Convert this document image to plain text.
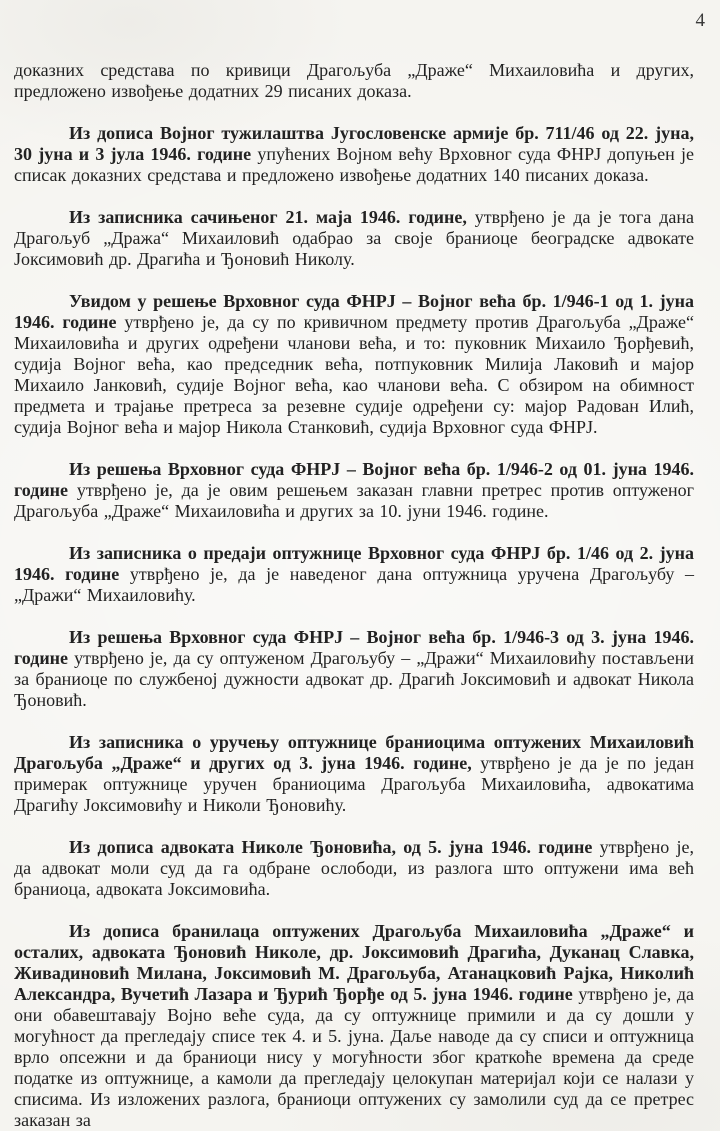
4

доказних средстава по кривици Драгољуба „Драже“ Михаиловића и других, предложено извођење додатних 29 писаних доказа.

Из дописа Војног тужилаштва Југословенске армије бр. 711/46 од 22. јуна, 30 јуна и 3 јула 1946. године упућених Војном већу Врховног суда ФНРЈ допуњен је списак доказних средстава и предложено извођење додатних 140 писаних доказа.

Из записника сачињеног 21. маја 1946. године, утврђено је да је тога дана Драгољуб „Дража“ Михаиловић одабрао за своје браниоце београдске адвокате Јоксимовић др. Драгића и Ђоновић Николу.

Увидом у решење Врховног суда ФНРЈ – Војног већа бр. 1/946-1 од 1. јуна 1946. године утврђено је, да су по кривичном предмету против Драгољуба „Драже“ Михаиловића и других одређени чланови већа, и то: пуковник Михаило Ђорђевић, судија Војног већа, као председник већа, потпуковник Милија Лаковић и мајор Михаило Јанковић, судије Војног већа, као чланови већа. С обзиром на обимност предмета и трајање претреса за резевне судије одређени су: мајор Радован Илић, судија Војног већа и мајор Никола Станковић, судија Врховног суда ФНРЈ.

Из решења Врховног суда ФНРЈ – Војног већа бр. 1/946-2 од 01. јуна 1946. године утврђено је, да је овим решењем заказан главни претрес против оптуженог Драгољуба „Драже“ Михаиловића и других за 10. јуни 1946. године.

Из записника о предаји оптужнице Врховног суда ФНРЈ бр. 1/46 од 2. јуна 1946. године утврђено је, да је наведеног дана оптужница уручена Драгољубу – „Дражи“ Михаиловићу.

Из решења Врховног суда ФНРЈ – Војног већа бр. 1/946-3 од 3. јуна 1946. године утврђено је, да су оптуженом Драгољубу – „Дражи“ Михаиловићу постављени за браниоце по службеној дужности адвокат др. Драгић Јоксимовић и адвокат Никола Ђоновић.

Из записника о уручењу оптужнице браниоцима оптужених Михаиловић Драгољуба „Драже“ и других од 3. јуна 1946. године, утврђено је да је по један примерак оптужнице уручен браниоцима Драгољуба Михаиловића, адвокатима Драгићу Јоксимовићу и Николи Ђоновићу.

Из дописа адвоката Николе Ђоновића, од 5. јуна 1946. године утврђено је, да адвокат моли суд да га одбране ослободи, из разлога што оптужени има већ браниоца, адвоката Јоксимовића.

Из дописа бранилаца оптужених Драгољуба Михаиловића „Драже“ и осталих, адвоката Ђоновић Николе, др. Јоксимовић Драгића, Дуканац Славка, Живадиновић Милана, Јоксимовић М. Драгољуба, Атанацковић Рајка, Николић Александра, Вучетић Лазара и Ђурић Ђорђе од 5. јуна 1946. године утврђено је, да они обавештавају Војно веће суда, да су оптужнице примили и да су дошли у могућност да прегледају списе тек 4. и 5. јуна. Даље наводе да су списи и оптужница врло опсежни и да браниоци нису у могућности због краткоће времена да среде податке из оптужнице, а камоли да прегледају целокупан материјал који се налази у списима. Из изложених разлога, браниоци оптужених су замолили суд да се претрес заказан за
